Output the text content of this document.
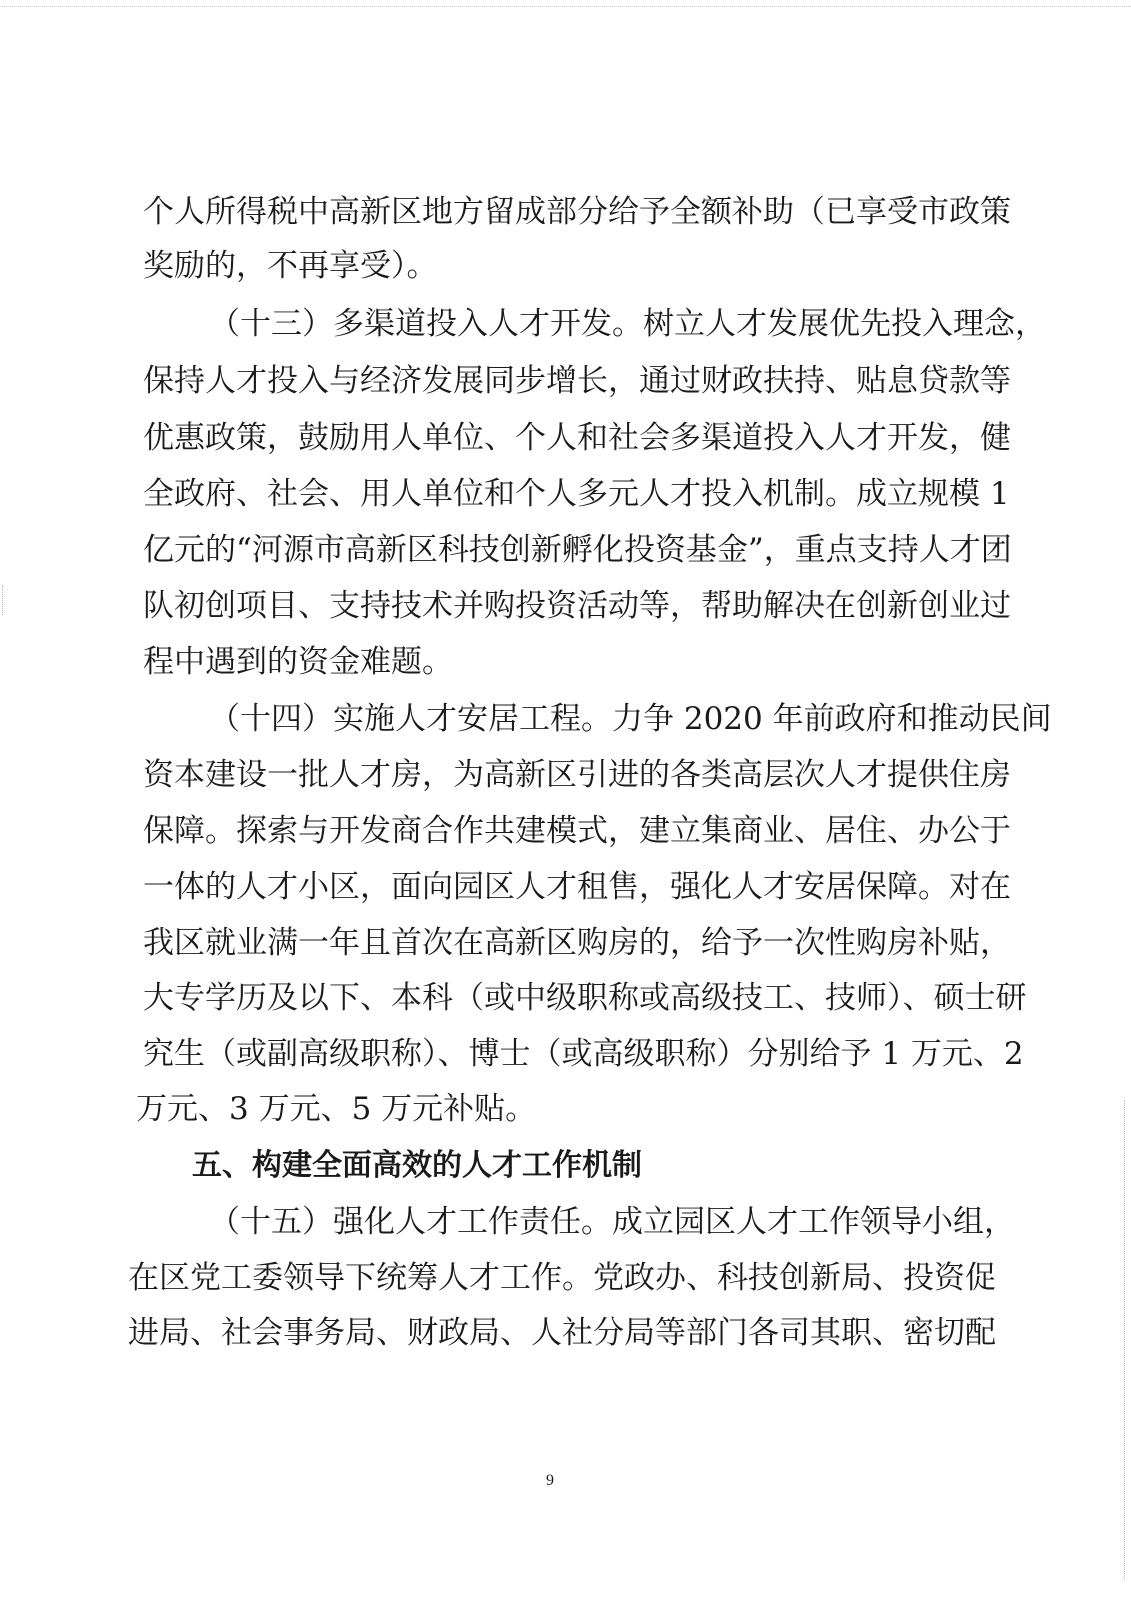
个人所得税中高新区地方留成部分给予全额补助（已享受市政策

奖励的，不再享受）。

（十三）多渠道投入人才开发。树立人才发展优先投入理念，

保持人才投入与经济发展同步增长，通过财政扶持、贴息贷款等

优惠政策，鼓励用人单位、个人和社会多渠道投入人才开发，健

全政府、社会、用人单位和个人多元人才投入机制。成立规模 1

亿元的“河源市高新区科技创新孵化投资基金”，重点支持人才团

队初创项目、支持技术并购投资活动等，帮助解决在创新创业过

程中遇到的资金难题。

（十四）实施人才安居工程。力争 2020 年前政府和推动民间

资本建设一批人才房，为高新区引进的各类高层次人才提供住房

保障。探索与开发商合作共建模式，建立集商业、居住、办公于

一体的人才小区，面向园区人才租售，强化人才安居保障。对在

我区就业满一年且首次在高新区购房的，给予一次性购房补贴，

大专学历及以下、本科（或中级职称或高级技工、技师）、硕士研

究生（或副高级职称）、博士（或高级职称）分别给予 1 万元、2

万元、3 万元、5 万元补贴。

五、构建全面高效的人才工作机制

（十五）强化人才工作责任。成立园区人才工作领导小组，

在区党工委领导下统筹人才工作。党政办、科技创新局、投资促

进局、社会事务局、财政局、人社分局等部门各司其职、密切配

9
